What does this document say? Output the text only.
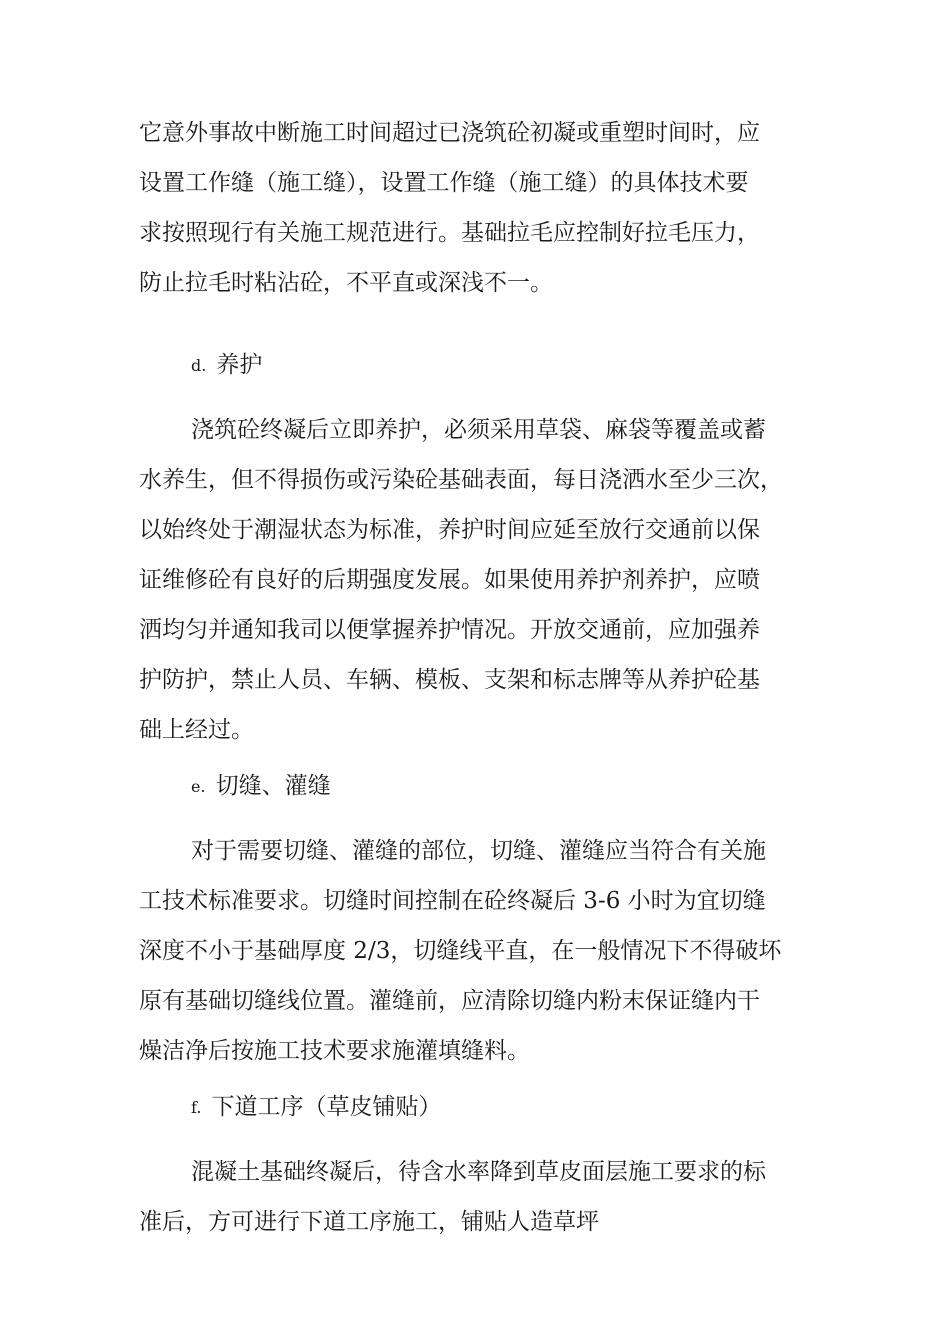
它意外事故中断施工时间超过已浇筑砼初凝或重塑时间时，应
设置工作缝（施工缝），设置工作缝（施工缝）的具体技术要
求按照现行有关施工规范进行。基础拉毛应控制好拉毛压力，
防止拉毛时粘沾砼，不平直或深浅不一。
d. 养护
浇筑砼终凝后立即养护，必须采用草袋、麻袋等覆盖或蓄
水养生，但不得损伤或污染砼基础表面，每日浇洒水至少三次，
以始终处于潮湿状态为标准，养护时间应延至放行交通前以保
证维修砼有良好的后期强度发展。如果使用养护剂养护，应喷
洒均匀并通知我司以便掌握养护情况。开放交通前，应加强养
护防护，禁止人员、车辆、模板、支架和标志牌等从养护砼基
础上经过。
e. 切缝、灌缝
对于需要切缝、灌缝的部位，切缝、灌缝应当符合有关施
工技术标准要求。切缝时间控制在砼终凝后 3-6 小时为宜切缝
深度不小于基础厚度 2/3，切缝线平直，在一般情况下不得破坏
原有基础切缝线位置。灌缝前，应清除切缝内粉末保证缝内干
燥洁净后按施工技术要求施灌填缝料。
f. 下道工序（草皮铺贴）
混凝土基础终凝后，待含水率降到草皮面层施工要求的标
准后，方可进行下道工序施工，铺贴人造草坪
